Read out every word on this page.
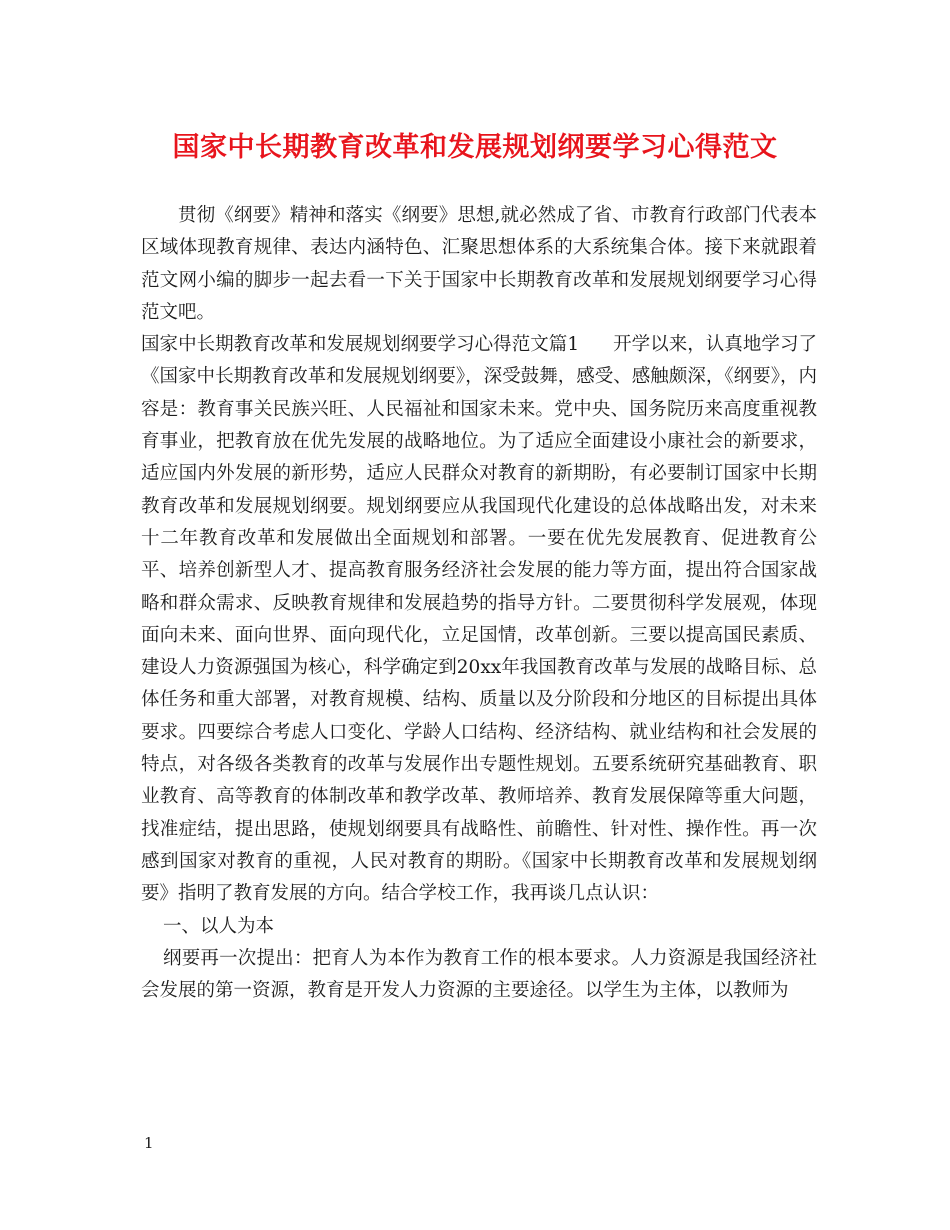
国家中长期教育改革和发展规划纲要学习心得范文

贯彻《纲要》精神和落实《纲要》思想,就必然成了省、市教育行政部门代表本区域体现教育规律、表达内涵特色、汇聚思想体系的大系统集合体。接下来就跟着范文网小编的脚步一起去看一下关于国家中长期教育改革和发展规划纲要学习心得范文吧。

国家中长期教育改革和发展规划纲要学习心得范文篇1 开学以来，认真地学习了《国家中长期教育改革和发展规划纲要》，深受鼓舞，感受、感触颇深，《纲要》，内容是：教育事关民族兴旺、人民福祉和国家未来。党中央、国务院历来高度重视教育事业，把教育放在优先发展的战略地位。为了适应全面建设小康社会的新要求，适应国内外发展的新形势，适应人民群众对教育的新期盼，有必要制订国家中长期教育改革和发展规划纲要。规划纲要应从我国现代化建设的总体战略出发，对未来十二年教育改革和发展做出全面规划和部署。一要在优先发展教育、促进教育公平、培养创新型人才、提高教育服务经济社会发展的能力等方面，提出符合国家战略和群众需求、反映教育规律和发展趋势的指导方针。二要贯彻科学发展观，体现面向未来、面向世界、面向现代化，立足国情，改革创新。三要以提高国民素质、建设人力资源强国为核心，科学确定到20xx年我国教育改革与发展的战略目标、总体任务和重大部署，对教育规模、结构、质量以及分阶段和分地区的目标提出具体要求。四要综合考虑人口变化、学龄人口结构、经济结构、就业结构和社会发展的特点，对各级各类教育的改革与发展作出专题性规划。五要系统研究基础教育、职业教育、高等教育的体制改革和教学改革、教师培养、教育发展保障等重大问题，找准症结，提出思路，使规划纲要具有战略性、前瞻性、针对性、操作性。再一次感到国家对教育的重视，人民对教育的期盼。《国家中长期教育改革和发展规划纲要》指明了教育发展的方向。结合学校工作，我再谈几点认识：

一、以人为本

纲要再一次提出：把育人为本作为教育工作的根本要求。人力资源是我国经济社会发展的第一资源，教育是开发人力资源的主要途径。以学生为主体，以教师为

1
